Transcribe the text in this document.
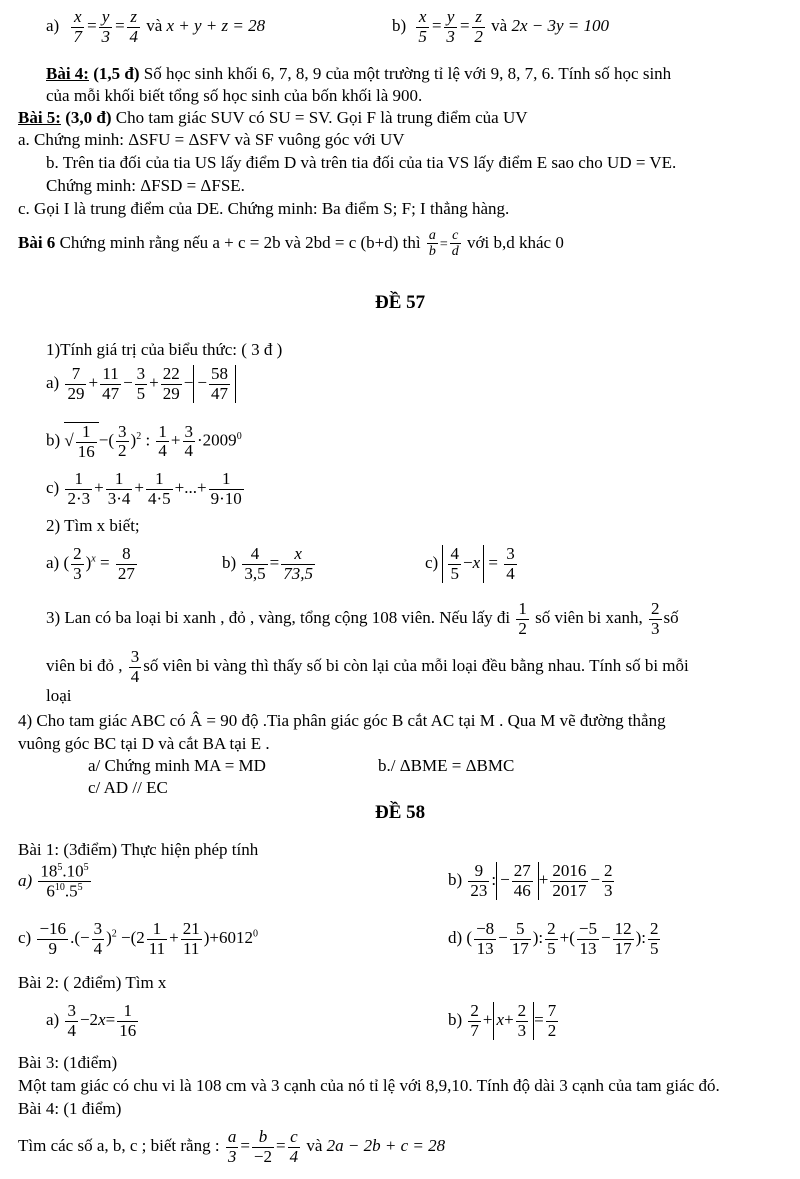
$a) \frac{x}{7} = \frac{y}{3} = \frac{z}{4}$ và x + y + z = 28	$b) \frac{x}{5} = \frac{y}{3} = \frac{z}{2}$ và 2x − 3y = 100
Bài 4: (1,5 đ) Số học sinh khối 6, 7, 8, 9 của một trường tỉ lệ với 9, 8, 7, 6. Tính số học sinh
của mỗi khối biết tổng số học sinh của bốn khối là 900.
Bài 5: (3,0 đ) Cho tam giác SUV có SU = SV. Gọi F là trung điểm của UV
a. Chứng minh: ΔSFU = ΔSFV và SF vuông góc với UV
b. Trên tia đối của tia US lấy điểm D và trên tia đối của tia VS lấy điểm E sao cho UD = VE.
Chứng minh: ΔFSD = ΔFSE.
c. Gọi I là trung điểm của DE. Chứng minh: Ba điểm S; F; I thẳng hàng.
Bài 6 Chứng minh rằng nếu a + c = 2b và 2bd = c (b+d) thì $\frac{a}{b} = \frac{c}{d}$ với b,d khác 0
ĐỀ 57
1)Tính giá trị của biểu thức: ( 3 đ )
$a) \frac{7}{29} + \frac{11}{47} - \frac{3}{5} + \frac{22}{29}$ − − $\frac{58}{47}$
b) √ $\frac{1}{16}$ −( $\frac{3}{2} )^2$ : $\frac{1}{4} + \frac{3}{4} \cdot 2009^0$
$c) \frac{1}{2\cdot 3} + \frac{1}{3\cdot 4} + \frac{1}{4\cdot 5}$ +...+ $\frac{1}{9\cdot 10}$
2) Tìm x biết;
a) ( $\frac{2}{3} )^x = \frac{8}{27}$	$b) \frac{4}{3,5} = \frac{x}{73,5}$	$c) \frac{4}{5} -x = \frac{3}{4}$
3) Lan có ba loại bi xanh , đỏ , vàng, tổng cộng 108 viên. Nếu lấy đi $\frac{1}{2}$ số viên bi xanh, $\frac{2}{3}$ số
viên bi đỏ , $\frac{3}{4}$ số viên bi vàng thì thấy số bi còn lại của mỗi loại đều bằng nhau. Tính số bi mỗi
loại
4) Cho tam giác ABC có Â = 90 độ .Tia phân giác góc B cắt AC tại M . Qua M vẽ đường thẳng
vuông góc BC tại D và cắt BA tại E .
a/ Chứng minh MA = MD	b./ ΔBME = ΔBMC
c/ AD // EC
ĐỀ 58
Bài 1: (3điểm) Thực hiện phép tính
$a) \frac{18^5.10^5}{6^{10}.5^5}$	$b) \frac{9}{23}$ : − $\frac{27}{46} + \frac{2016}{2017} - \frac{2}{3}$
$c) \frac{-16}{9}$ .(− $\frac{3}{4} )^2 -(2 \frac{1}{11} + \frac{21}{11} )+6012^0$	d) ( $\frac{-8}{13} - \frac{5}{17}$ ): $\frac{2}{5}$ +( $\frac{-5}{13} - \frac{12}{17}$ ): $\frac{2}{5}$
Bài 2: ( 2điểm) Tìm x
$a) \frac{3}{4} -2x= \frac{1}{16}$	$b) \frac{2}{7} + x+ \frac{2}{3} = \frac{7}{2}$
Bài 3: (1điểm)
Một tam giác có chu vi là 108 cm và 3 cạnh của nó tỉ lệ với 8,9,10. Tính độ dài 3 cạnh của tam giác đó.
Bài 4: (1 điểm)
Tìm các số a, b, c ; biết rằng : $\frac{a}{3} = \frac{b}{-2} = \frac{c}{4}$ và 2a − 2b + c = 28
